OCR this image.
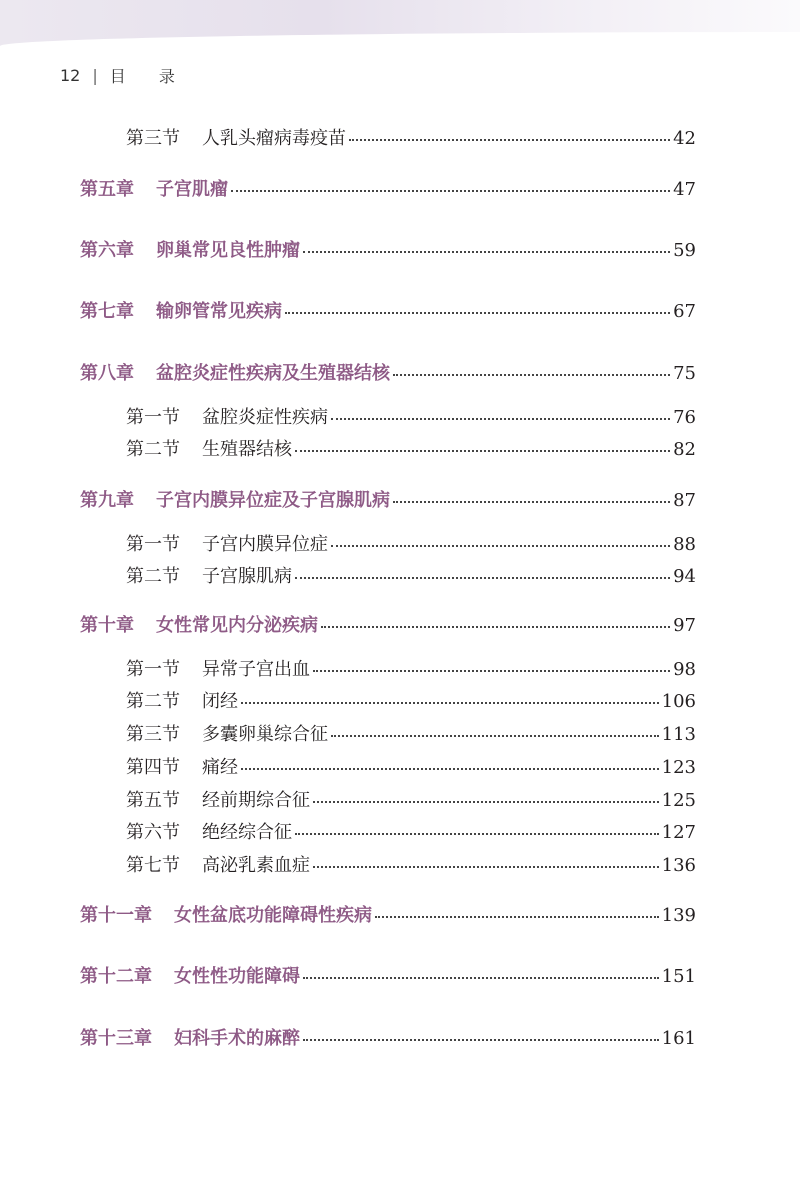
12 | 目 录
第三节 人乳头瘤病毒疫苗	42
第五章 子宫肌瘤	47
第六章 卵巢常见良性肿瘤	59
第七章 输卵管常见疾病	67
第八章 盆腔炎症性疾病及生殖器结核	75
第一节 盆腔炎症性疾病	76
第二节 生殖器结核	82
第九章 子宫内膜异位症及子宫腺肌病	87
第一节 子宫内膜异位症	88
第二节 子宫腺肌病	94
第十章 女性常见内分泌疾病	97
第一节 异常子宫出血	98
第二节 闭经	106
第三节 多囊卵巢综合征	113
第四节 痛经	123
第五节 经前期综合征	125
第六节 绝经综合征	127
第七节 高泌乳素血症	136
第十一章 女性盆底功能障碍性疾病	139
第十二章 女性性功能障碍	151
第十三章 妇科手术的麻醉	161
